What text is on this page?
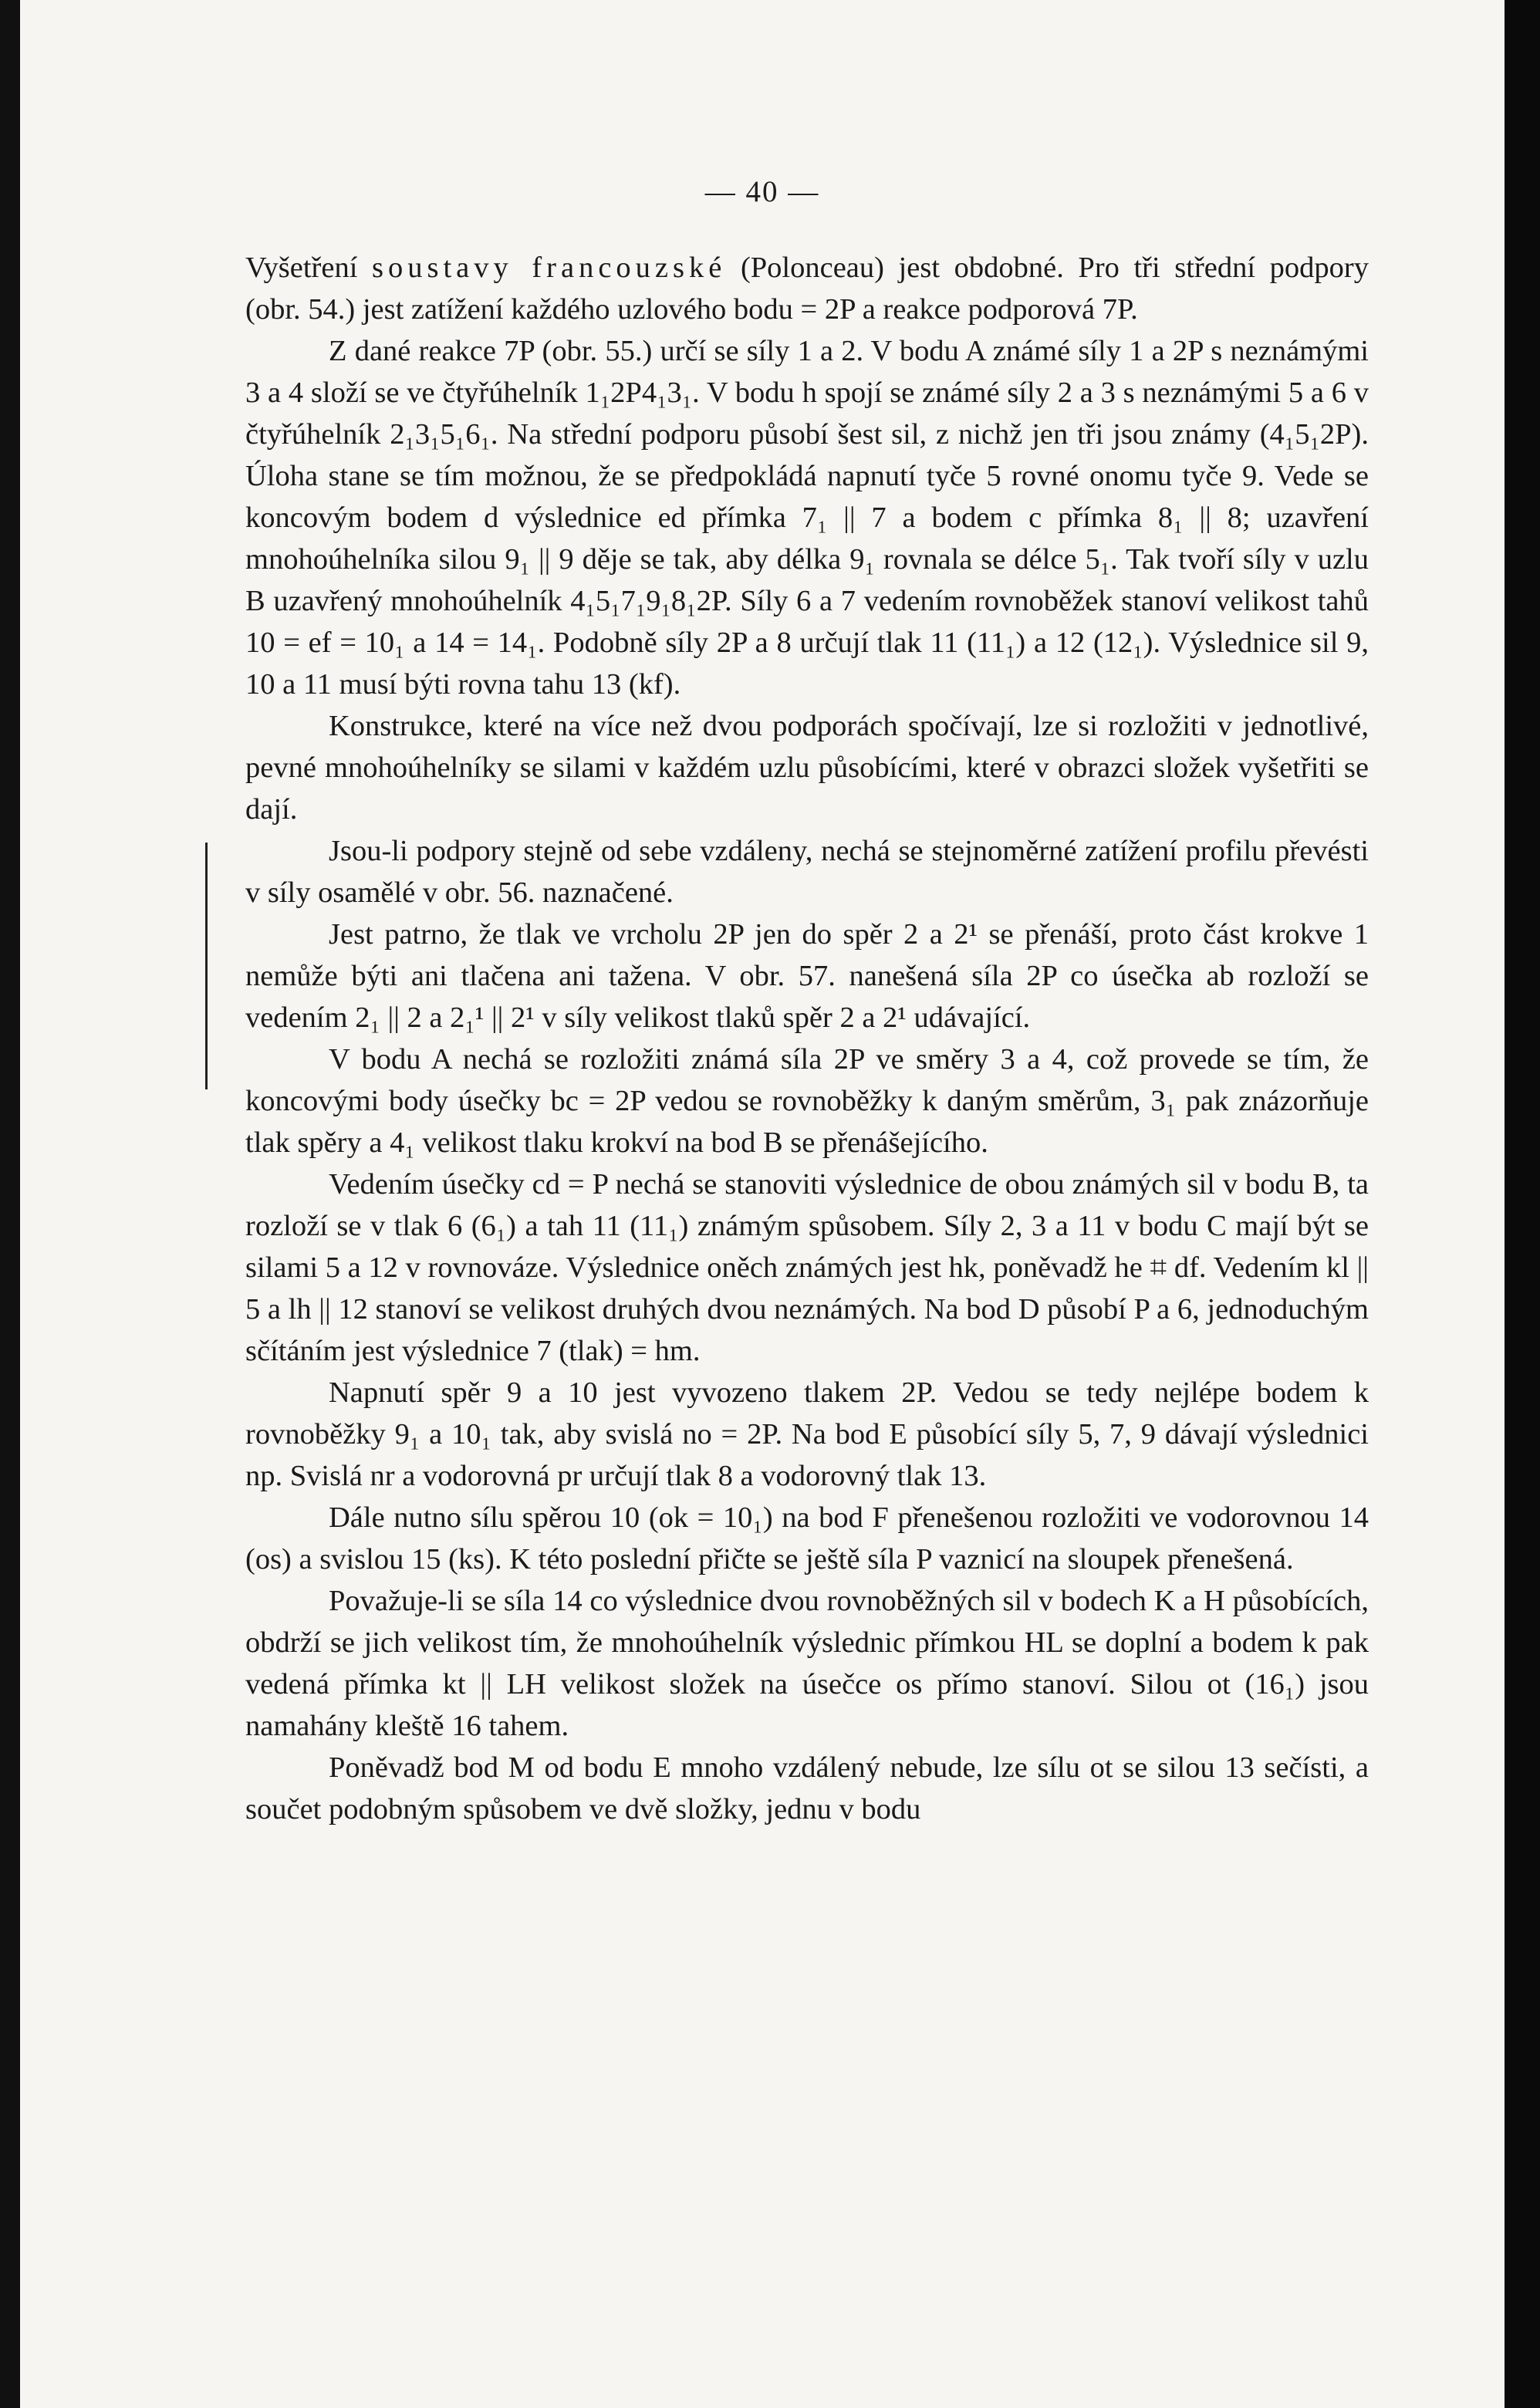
— 40 —

Vyšetření soustavy francouzské (Polonceau) jest obdobné. Pro tři střední podpory (obr. 54.) jest zatížení každého uzlového bodu = 2P a reakce podporová 7P.

Z dané reakce 7P (obr. 55.) určí se síly 1 a 2. V bodu A známé síly 1 a 2P s neznámými 3 a 4 složí se ve čtyřúhelník 1₁2P4₁3₁. V bodu h spojí se známé síly 2 a 3 s neznámými 5 a 6 v čtyřúhelník 2₁3₁5₁6₁. Na střední podporu působí šest sil, z nichž jen tři jsou známy (4₁5₁2P). Úloha stane se tím možnou, že se předpokládá napnutí tyče 5 rovné onomu tyče 9. Vede se koncovým bodem d výslednice ed přímka 7₁ || 7 a bodem c přímka 8₁ || 8; uzavření mnohoúhelníka silou 9₁ || 9 děje se tak, aby délka 9₁ rovnala se délce 5₁. Tak tvoří síly v uzlu B uzavřený mnohoúhelník 4₁5₁7₁9₁8₁2P. Síly 6 a 7 vedením rovnoběžek stanoví velikost tahů 10 = ef = 10₁ a 14 = 14₁. Podobně síly 2P a 8 určují tlak 11 (11₁) a 12 (12₁). Výslednice sil 9, 10 a 11 musí býti rovna tahu 13 (kf).

Konstrukce, které na více než dvou podporách spočívají, lze si rozložiti v jednotlivé, pevné mnohoúhelníky se silami v každém uzlu působícími, které v obrazci složek vyšetřiti se dají.

Jsou-li podpory stejně od sebe vzdáleny, nechá se stejnoměrné zatížení profilu převésti v síly osamělé v obr. 56. naznačené.

Jest patrno, že tlak ve vrcholu 2P jen do spěr 2 a 2¹ se přenáší, proto část krokve 1 nemůže býti ani tlačena ani tažena. V obr. 57. nanešená síla 2P co úsečka ab rozloží se vedením 2₁ || 2 a 2₁¹ || 2¹ v síly velikost tlaků spěr 2 a 2¹ udávající.

V bodu A nechá se rozložiti známá síla 2P ve směry 3 a 4, což provede se tím, že koncovými body úsečky bc = 2P vedou se rovnoběžky k daným směrům, 3₁ pak znázorňuje tlak spěry a 4₁ velikost tlaku krokví na bod B se přenášejícího.

Vedením úsečky cd = P nechá se stanoviti výslednice de obou známých sil v bodu B, ta rozloží se v tlak 6 (6₁) a tah 11 (11₁) známým spůsobem. Síly 2, 3 a 11 v bodu C mají být se silami 5 a 12 v rovnováze. Výslednice oněch známých jest hk, poněvadž he ⌗ df. Vedením kl || 5 a lh || 12 stanoví se velikost druhých dvou neznámých. Na bod D působí P a 6, jednoduchým sčítáním jest výslednice 7 (tlak) = hm.

Napnutí spěr 9 a 10 jest vyvozeno tlakem 2P. Vedou se tedy nejlépe bodem k rovnoběžky 9₁ a 10₁ tak, aby svislá no = 2P. Na bod E působící síly 5, 7, 9 dávají výslednici np. Svislá nr a vodorovná pr určují tlak 8 a vodorovný tlak 13.

Dále nutno sílu spěrou 10 (ok = 10₁) na bod F přenešenou rozložiti ve vodorovnou 14 (os) a svislou 15 (ks). K této poslední přičte se ještě síla P vaznicí na sloupek přenešená.

Považuje-li se síla 14 co výslednice dvou rovnoběžných sil v bodech K a H působících, obdrží se jich velikost tím, že mnohoúhelník výslednic přímkou HL se doplní a bodem k pak vedená přímka kt || LH velikost složek na úsečce os přímo stanoví. Silou ot (16₁) jsou namahány kleště 16 tahem.

Poněvadž bod M od bodu E mnoho vzdálený nebude, lze sílu ot se silou 13 sečísti, a součet podobným spůsobem ve dvě složky, jednu v bodu
